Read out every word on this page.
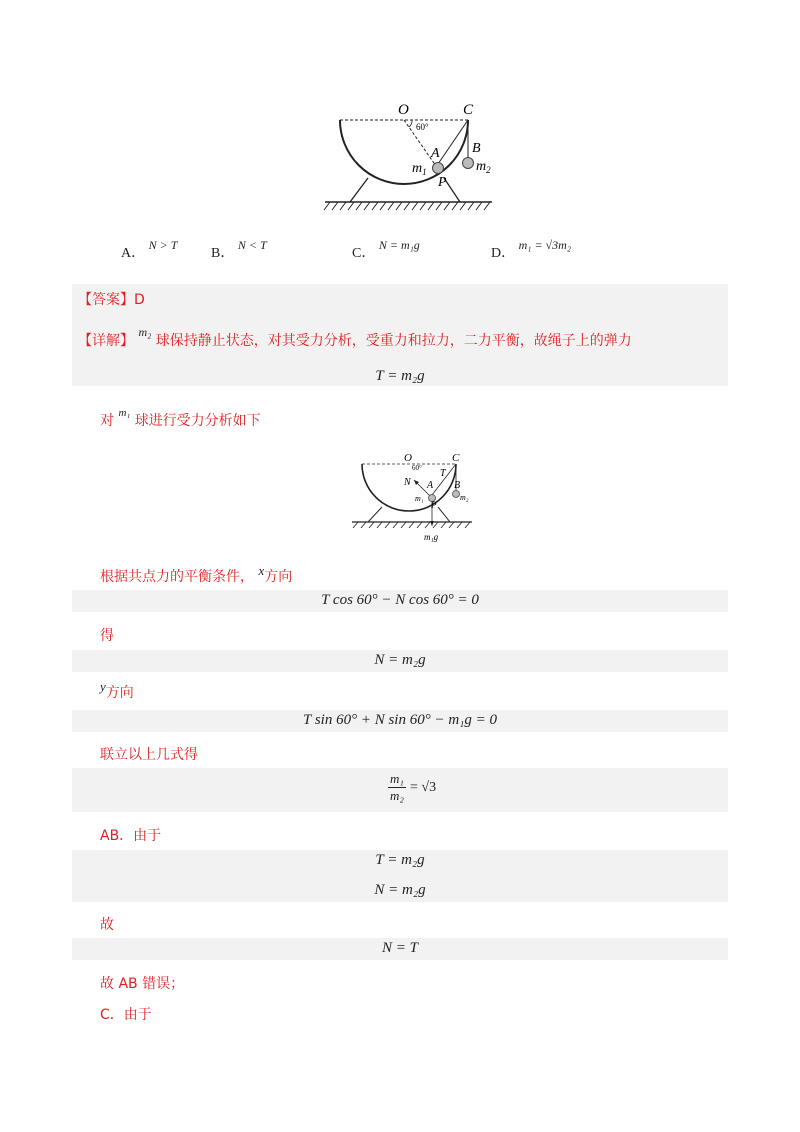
O	C
60°
A B
$m_1$	$m_2$
P
A． N > T
B． N < T
C． N = m₁g
D． m₁ = √3m₂
【答案】D
【详解】 m₂ 球保持静止状态，对其受力分析，受重力和拉力，二力平衡，故绳子上的弹力
T = m₂g
对 $^{m_1}$ 球进行受力分析如下
O	C
60° T
N A B
m₁	m₂
P
m₁g
根据共点力的平衡条件， x方向
T cos 60° − N cos 60° = 0
得
N = m₂g
y方向
T sin 60° + N sin 60° − m₁g = 0
联立以上几式得
m₁
m₂
= √3
AB．由于
T = m₂g
N = m₂g
故
N = T
故 AB 错误；
C．由于
